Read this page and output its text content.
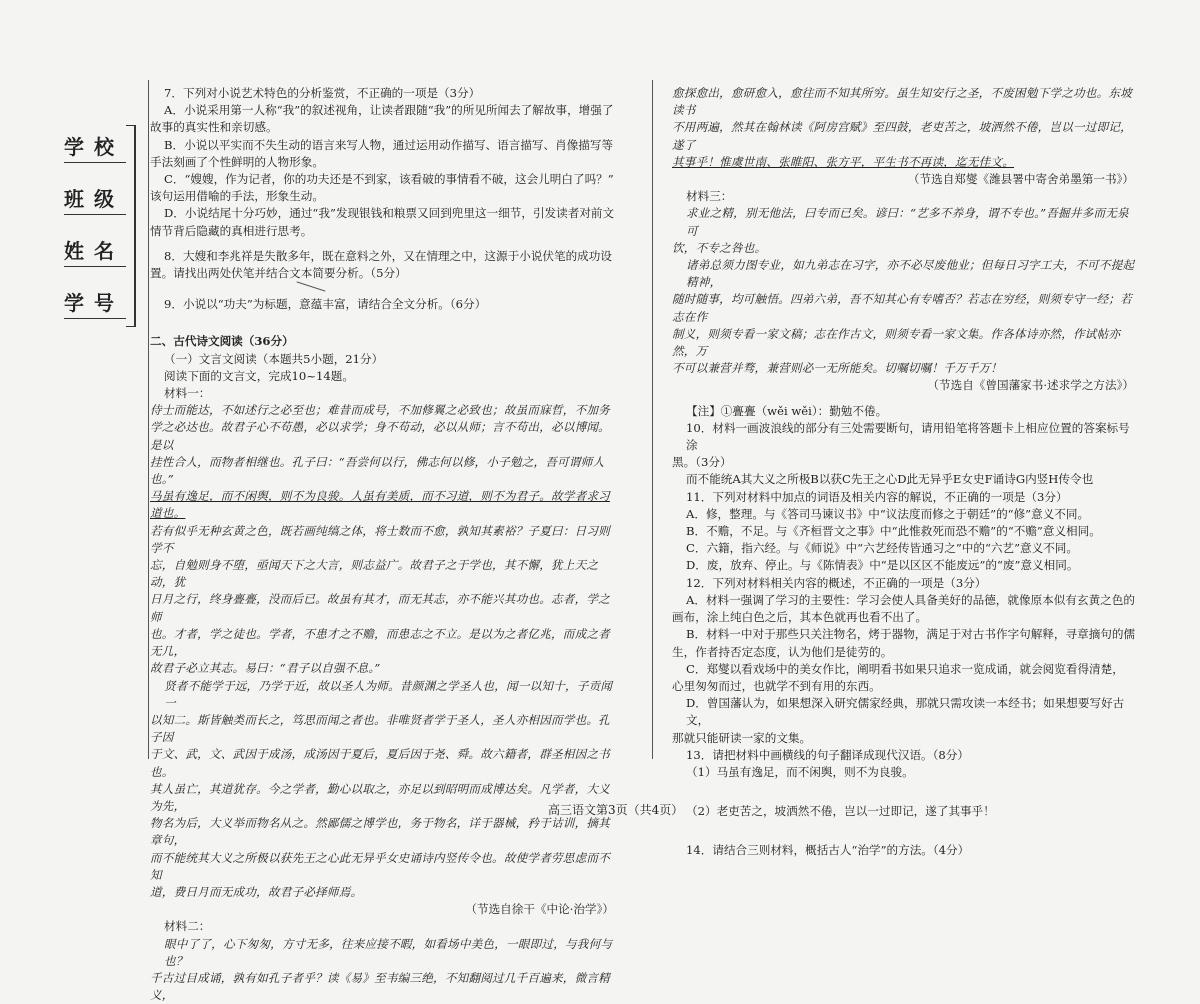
学校
班级
姓名
学号

7．下列对小说艺术特色的分析鉴赏，不正确的一项是（3分）

A．小说采用第一人称“我”的叙述视角，让读者跟随“我”的所见所闻去了解故事，增强了

故事的真实性和亲切感。

B．小说以平实而不失生动的语言来写人物，通过运用动作描写、语言描写、肖像描写等

手法刻画了个性鲜明的人物形象。

C．“嫂嫂，作为记者，你的功夫还是不到家，该看破的事情看不破，这会儿明白了吗？”

该句运用借喻的手法，形象生动。

D．小说结尾十分巧妙，通过“我”发现银钱和粮票又回到兜里这一细节，引发读者对前文

情节背后隐藏的真相进行思考。

8．大嫂和李兆祥是失散多年，既在意料之外，又在情理之中，这源于小说伏笔的成功设

置。请找出两处伏笔并结合文本简要分析。（5分）

9．小说以“功夫”为标题，意蕴丰富，请结合全文分析。（6分）

二、古代诗文阅读（36分）

（一）文言文阅读（本题共5小题，21分）

阅读下面的文言文，完成10~14题。

材料一：

侍士而能达，不如述行之必至也；难昔而成号，不加修翼之必致也；故虽而寐哲，不加务

学之必达也。故君子心不苟愚，必以求学；身不苟动，必以从师；言不苟出，必以博闻。是以

挂性合人，而物者相继也。孔子曰：“吾尝何以行，佛志何以修，小子勉之，吾可谓师人也。”

马虽有逸足，而不闲舆，则不为良骏。人虽有美质，而不习道，则不为君子。故学者求习道也。

若有似乎无种玄黄之色，既若画纯缟之体，将士数而不愈，孰知其素裕？子夏曰：日习则学不

忘，自勉则身不堕，亟闻天下之大言，则志益广。故君子之于学也，其不懈，犹上天之动，犹

日月之行，终身亹亹，没而后已。故虽有其才，而无其志，亦不能兴其功也。志者，学之师

也。才者，学之徒也。学者，不患才之不赡，而患志之不立。是以为之者亿兆，而成之者无几，

故君子必立其志。易曰：“君子以自强不息。”

贤者不能学于远，乃学于近，故以圣人为师。昔颜渊之学圣人也，闻一以知十，子贡闻一

以知二。斯皆触类而长之，笃思而闻之者也。非唯贤者学于圣人，圣人亦相因而学也。孔子因

于文、武，文、武因于成汤，成汤因于夏后，夏后因于尧、舜。故六籍者，群圣相因之书也。

其人虽亡，其道犹存。今之学者，勤心以取之，亦足以到昭明而成博达矣。凡学者，大义为先，

物名为后，大义举而物名从之。然鄙儒之博学也，务于物名，详于器械，矜于诂训，摘其章句，

而不能统其大义之所极以获先王之心此无异乎女史诵诗内竖传令也。故使学者劳思虑而不知

道，费日月而无成功，故君子必择师焉。

（节选自徐干《中论·治学》）

材料二：

眼中了了，心下匆匆，方寸无多，往来应接不暇，如看场中美色，一眼即过，与我何与也？

千古过目成诵，孰有如孔子者乎？读《易》至韦编三绝，不知翻阅过几千百遍来，微言精义，

愈探愈出，愈研愈入，愈往而不知其所穷。虽生知安行之圣，不废困勉下学之功也。东坡读书

不用两遍，然其在翰林读《阿房宫赋》至四鼓，老吏苦之，坡洒然不倦，岂以一过即记，遂了

其事乎！惟虞世南、张睢阳、张方平，平生书不再读，迄无佳文。

（节选自郑燮《潍县署中寄舍弟墨第一书》）

材料三：

求业之精，别无他法，曰专而已矣。谚曰：“艺多不养身，谓不专也。”吾掘井多而无泉可

饮，不专之咎也。

诸弟总须力图专业，如九弟志在习字，亦不必尽废他业；但每日习字工夫，不可不提起精神，

随时随事，均可触悟。四弟六弟，吾不知其心有专嗜否？若志在穷经，则须专守一经；若志在作

制义，则须专看一家文稿；志在作古文，则须专看一家文集。作各体诗亦然，作试帖亦然，万

不可以兼营并骛，兼营则必一无所能矣。切嘱切嘱！千万千万！

（节选自《曾国藩家书·述求学之方法》）

【注】①亹亹（wěi wěi）：勤勉不倦。

10．材料一画波浪线的部分有三处需要断句，请用铅笔将答题卡上相应位置的答案标号涂

黑。（3分）

而不能统A其大义之所极B以获C先王之心D此无异乎E女史F诵诗G内竖H传令也

11．下列对材料中加点的词语及相关内容的解说，不正确的一项是（3分）

A．修，整理。与《答司马谏议书》中“议法度而修之于朝廷”的“修”意义不同。

B．不赡，不足。与《齐桓晋文之事》中“此惟救死而恐不赡”的“不赡”意义相同。

C．六籍，指六经。与《师说》中“六艺经传皆通习之”中的“六艺”意义不同。

D．废，放弃、停止。与《陈情表》中“是以区区不能废远”的“废”意义相同。

12．下列对材料相关内容的概述，不正确的一项是（3分）

A．材料一强调了学习的主要性：学习会使人具备美好的品德，就像原本似有玄黄之色的

画布，涂上纯白色之后，其本色就再也看不出了。

B．材料一中对于那些只关注物名，烤于器物，满足于对古书作字句解释，寻章摘句的儒

生，作者持否定态度，认为他们是徒劳的。

C．郑燮以看戏场中的美女作比，阐明看书如果只追求一览成诵，就会阅览看得清楚，

心里匆匆而过，也就学不到有用的东西。

D．曾国藩认为，如果想深入研究儒家经典，那就只需攻读一本经书；如果想要写好古文，

那就只能研读一家的文集。

13．请把材料中画横线的句子翻译成现代汉语。（8分）

（1）马虽有逸足，而不闲舆，则不为良骏。

（2）老吏苦之，坡洒然不倦，岂以一过即记，遂了其事乎！

14．请结合三则材料，概括古人“治学”的方法。（4分）

高三语文第3页（共4页）
